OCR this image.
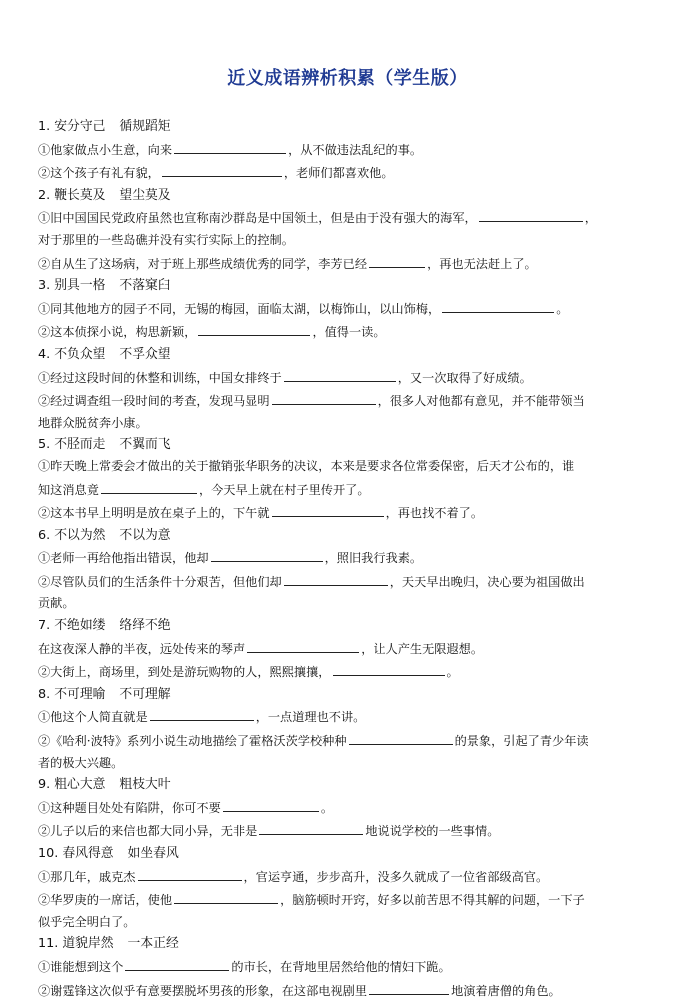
近义成语辨析积累（学生版）
1. 安分守己 循规蹈矩
①他家做点小生意，向来	，从不做违法乱纪的事。
②这个孩子有礼有貌，	，老师们都喜欢他。
2. 鞭长莫及 望尘莫及
①旧中国国民党政府虽然也宣称南沙群岛是中国领土，但是由于没有强大的海军，	，
对于那里的一些岛礁并没有实行实际上的控制。
②自从生了这场病，对于班上那些成绩优秀的同学，李芳已经	，再也无法赶上了。
3. 别具一格 不落窠臼
①同其他地方的园子不同，无锡的梅园，面临太湖，以梅饰山，以山饰梅，	。
②这本侦探小说，构思新颖，	，值得一读。
4. 不负众望 不孚众望
①经过这段时间的休整和训练，中国女排终于	，又一次取得了好成绩。
②经过调查组一段时间的考查，发现马显明	，很多人对他都有意见，并不能带领当
地群众脱贫奔小康。
5. 不胫而走 不翼而飞
①昨天晚上常委会才做出的关于撤销张华职务的决议，本来是要求各位常委保密，后天才公布的，谁
知这消息竟	，今天早上就在村子里传开了。
②这本书早上明明是放在桌子上的，下午就	，再也找不着了。
6. 不以为然 不以为意
①老师一再给他指出错误，他却	，照旧我行我素。
②尽管队员们的生活条件十分艰苦，但他们却	，天天早出晚归，决心要为祖国做出
贡献。
7. 不绝如缕 络绎不绝
在这夜深人静的半夜，远处传来的琴声	，让人产生无限遐想。
②大街上，商场里，到处是游玩购物的人，熙熙攘攘，	。
8. 不可理喻 不可理解
①他这个人简直就是	，一点道理也不讲。
②《哈利·波特》系列小说生动地描绘了霍格沃茨学校种种	的景象，引起了青少年读
者的极大兴趣。
9. 粗心大意 粗枝大叶
①这种题目处处有陷阱，你可不要	。
②儿子以后的来信也都大同小异，无非是	地说说学校的一些事情。
10. 春风得意 如坐春风
①那几年，戚克杰	，官运亨通，步步高升，没多久就成了一位省部级高官。
②华罗庚的一席话，使他	，脑筋顿时开窍，好多以前苦思不得其解的问题，一下子
似乎完全明白了。
11. 道貌岸然 一本正经
①谁能想到这个	的市长，在背地里居然给他的情妇下跪。
②谢霆锋这次似乎有意要摆脱坏男孩的形象，在这部电视剧里	地演着唐僧的角色。
